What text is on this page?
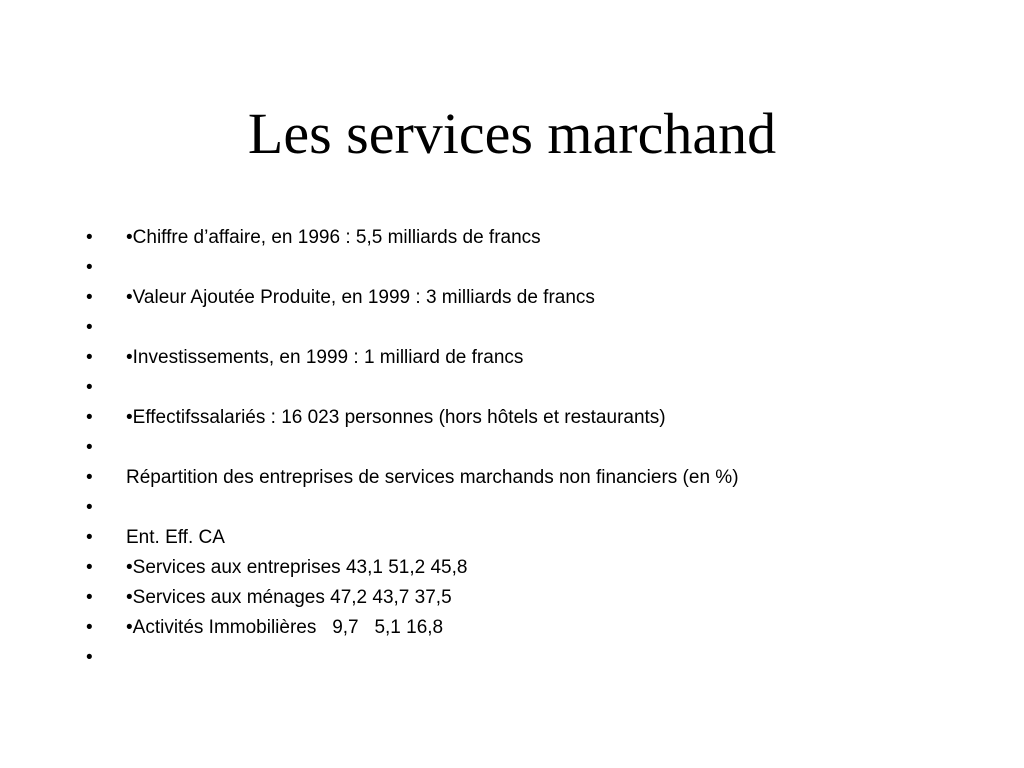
Les services marchand
• •Chiffre d’affaire, en 1996 : 5,5 milliards de francs
•
• •Valeur Ajoutée Produite, en 1999 : 3 milliards de francs
•
• •Investissements, en 1999 : 1 milliard de francs
•
• •Effectifssalariés : 16 023 personnes (hors hôtels et restaurants)
•
• Répartition des entreprises de services marchands non financiers (en %)
•
• Ent. Eff. CA
• •Services aux entreprises 43,1 51,2 45,8
• •Services aux ménages 47,2 43,7 37,5
• •Activités Immobilières   9,7   5,1 16,8
•
